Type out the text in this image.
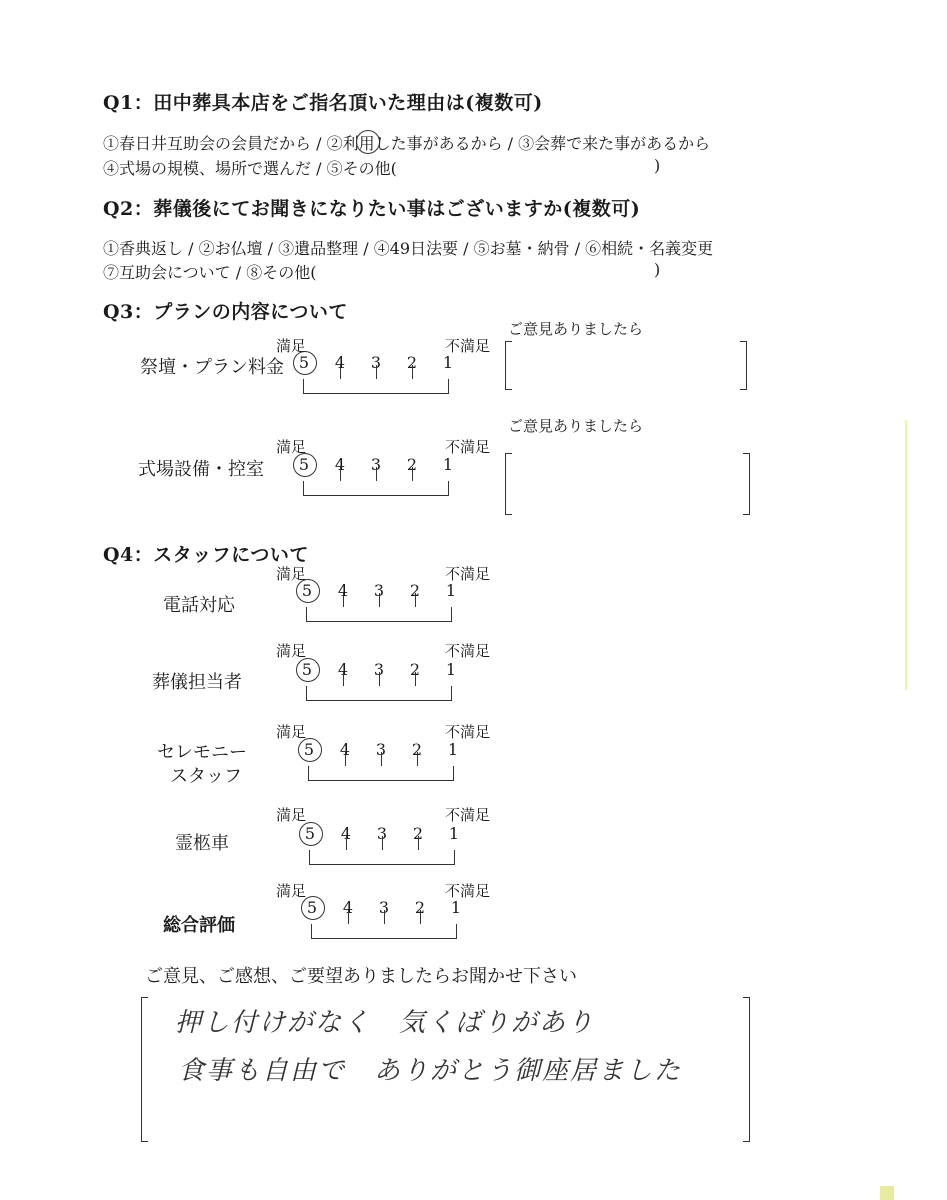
Q1：田中葬具本店をご指名頂いた理由は(複数可)
①春日井互助会の会員だから / ②利用した事があるから / ③会葬で来た事があるから
④式場の規模、場所で選んだ / ⑤その他(	)
Q2：葬儀後にてお聞きになりたい事はございますか(複数可)
①香典返し / ②お仏壇 / ③遺品整理 / ④49日法要 / ⑤お墓・納骨 / ⑥相続・名義変更
⑦互助会について / ⑧その他(	)
Q3：プランの内容について
祭壇・プラン料金
満足	不満足
5	4	3	2	1
ご意見ありましたら
式場設備・控室
満足	不満足
5	4	3	2	1
ご意見ありましたら
Q4：スタッフについて
電話対応
満足	不満足
5	4	3	2	1
葬儀担当者
満足	不満足
5	4	3	2	1
セレモニー
スタッフ
満足	不満足
5	4	3	2	1
霊柩車
満足	不満足
5	4	3	2	1
総合評価
満足	不満足
5	4	3	2	1
ご意見、ご感想、ご要望ありましたらお聞かせ下さい
押し付けがなく　気くばりがあり
食事も自由で　ありがとう御座居ました
